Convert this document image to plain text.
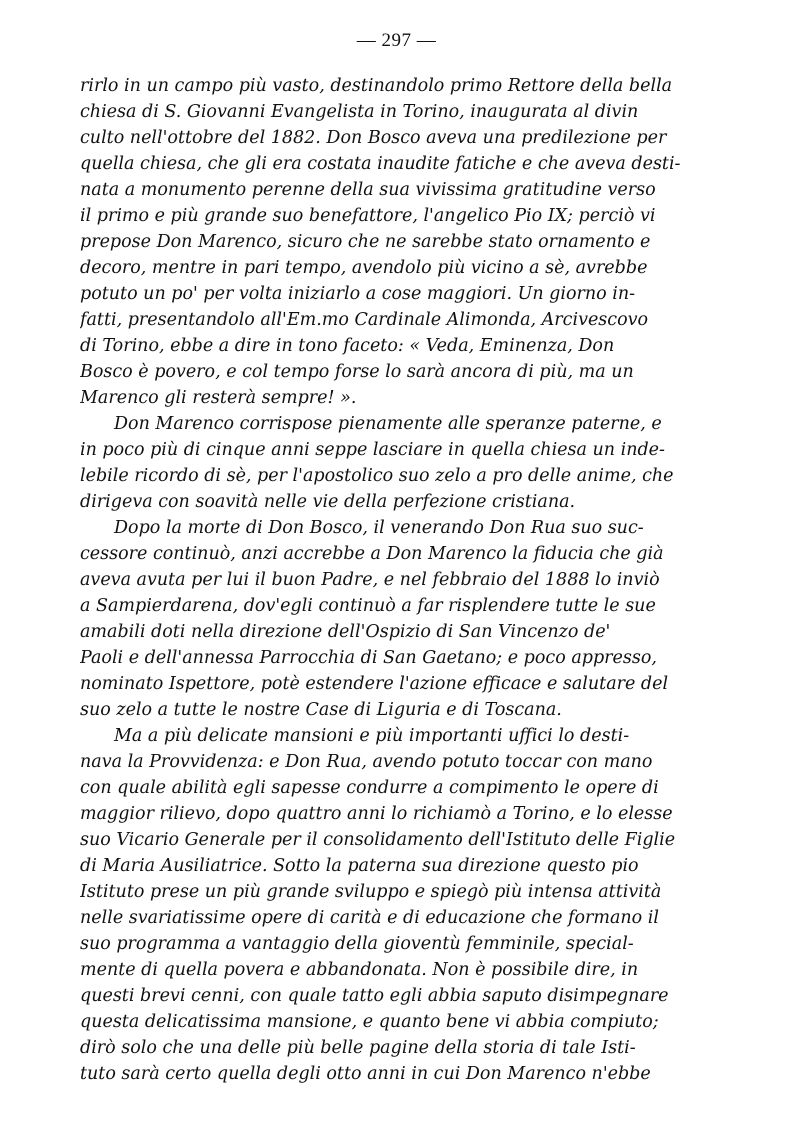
— 297 —
rirlo in un campo più vasto, destinandolo primo Rettore della bella
chiesa di S. Giovanni Evangelista in Torino, inaugurata al divin
culto nell'ottobre del 1882. Don Bosco aveva una predilezione per
quella chiesa, che gli era costata inaudite fatiche e che aveva desti-
nata a monumento perenne della sua vivissima gratitudine verso
il primo e più grande suo benefattore, l'angelico Pio IX; perciò vi
prepose Don Marenco, sicuro che ne sarebbe stato ornamento e
decoro, mentre in pari tempo, avendolo più vicino a sè, avrebbe
potuto un po' per volta iniziarlo a cose maggiori. Un giorno in-
fatti, presentandolo all'Em.mo Cardinale Alimonda, Arcivescovo
di Torino, ebbe a dire in tono faceto: « Veda, Eminenza, Don
Bosco è povero, e col tempo forse lo sarà ancora di più, ma un
Marenco gli resterà sempre! ».
Don Marenco corrispose pienamente alle speranze paterne, e
in poco più di cinque anni seppe lasciare in quella chiesa un inde-
lebile ricordo di sè, per l'apostolico suo zelo a pro delle anime, che
dirigeva con soavità nelle vie della perfezione cristiana.
Dopo la morte di Don Bosco, il venerando Don Rua suo suc-
cessore continuò, anzi accrebbe a Don Marenco la fiducia che già
aveva avuta per lui il buon Padre, e nel febbraio del 1888 lo inviò
a Sampierdarena, dov'egli continuò a far risplendere tutte le sue
amabili doti nella direzione dell'Ospizio di San Vincenzo de'
Paoli e dell'annessa Parrocchia di San Gaetano; e poco appresso,
nominato Ispettore, potè estendere l'azione efficace e salutare del
suo zelo a tutte le nostre Case di Liguria e di Toscana.
Ma a più delicate mansioni e più importanti uffici lo desti-
nava la Provvidenza: e Don Rua, avendo potuto toccar con mano
con quale abilità egli sapesse condurre a compimento le opere di
maggior rilievo, dopo quattro anni lo richiamò a Torino, e lo elesse
suo Vicario Generale per il consolidamento dell'Istituto delle Figlie
di Maria Ausiliatrice. Sotto la paterna sua direzione questo pio
Istituto prese un più grande sviluppo e spiegò più intensa attività
nelle svariatissime opere di carità e di educazione che formano il
suo programma a vantaggio della gioventù femminile, special-
mente di quella povera e abbandonata. Non è possibile dire, in
questi brevi cenni, con quale tatto egli abbia saputo disimpegnare
questa delicatissima mansione, e quanto bene vi abbia compiuto;
dirò solo che una delle più belle pagine della storia di tale Isti-
tuto sarà certo quella degli otto anni in cui Don Marenco n'ebbe
